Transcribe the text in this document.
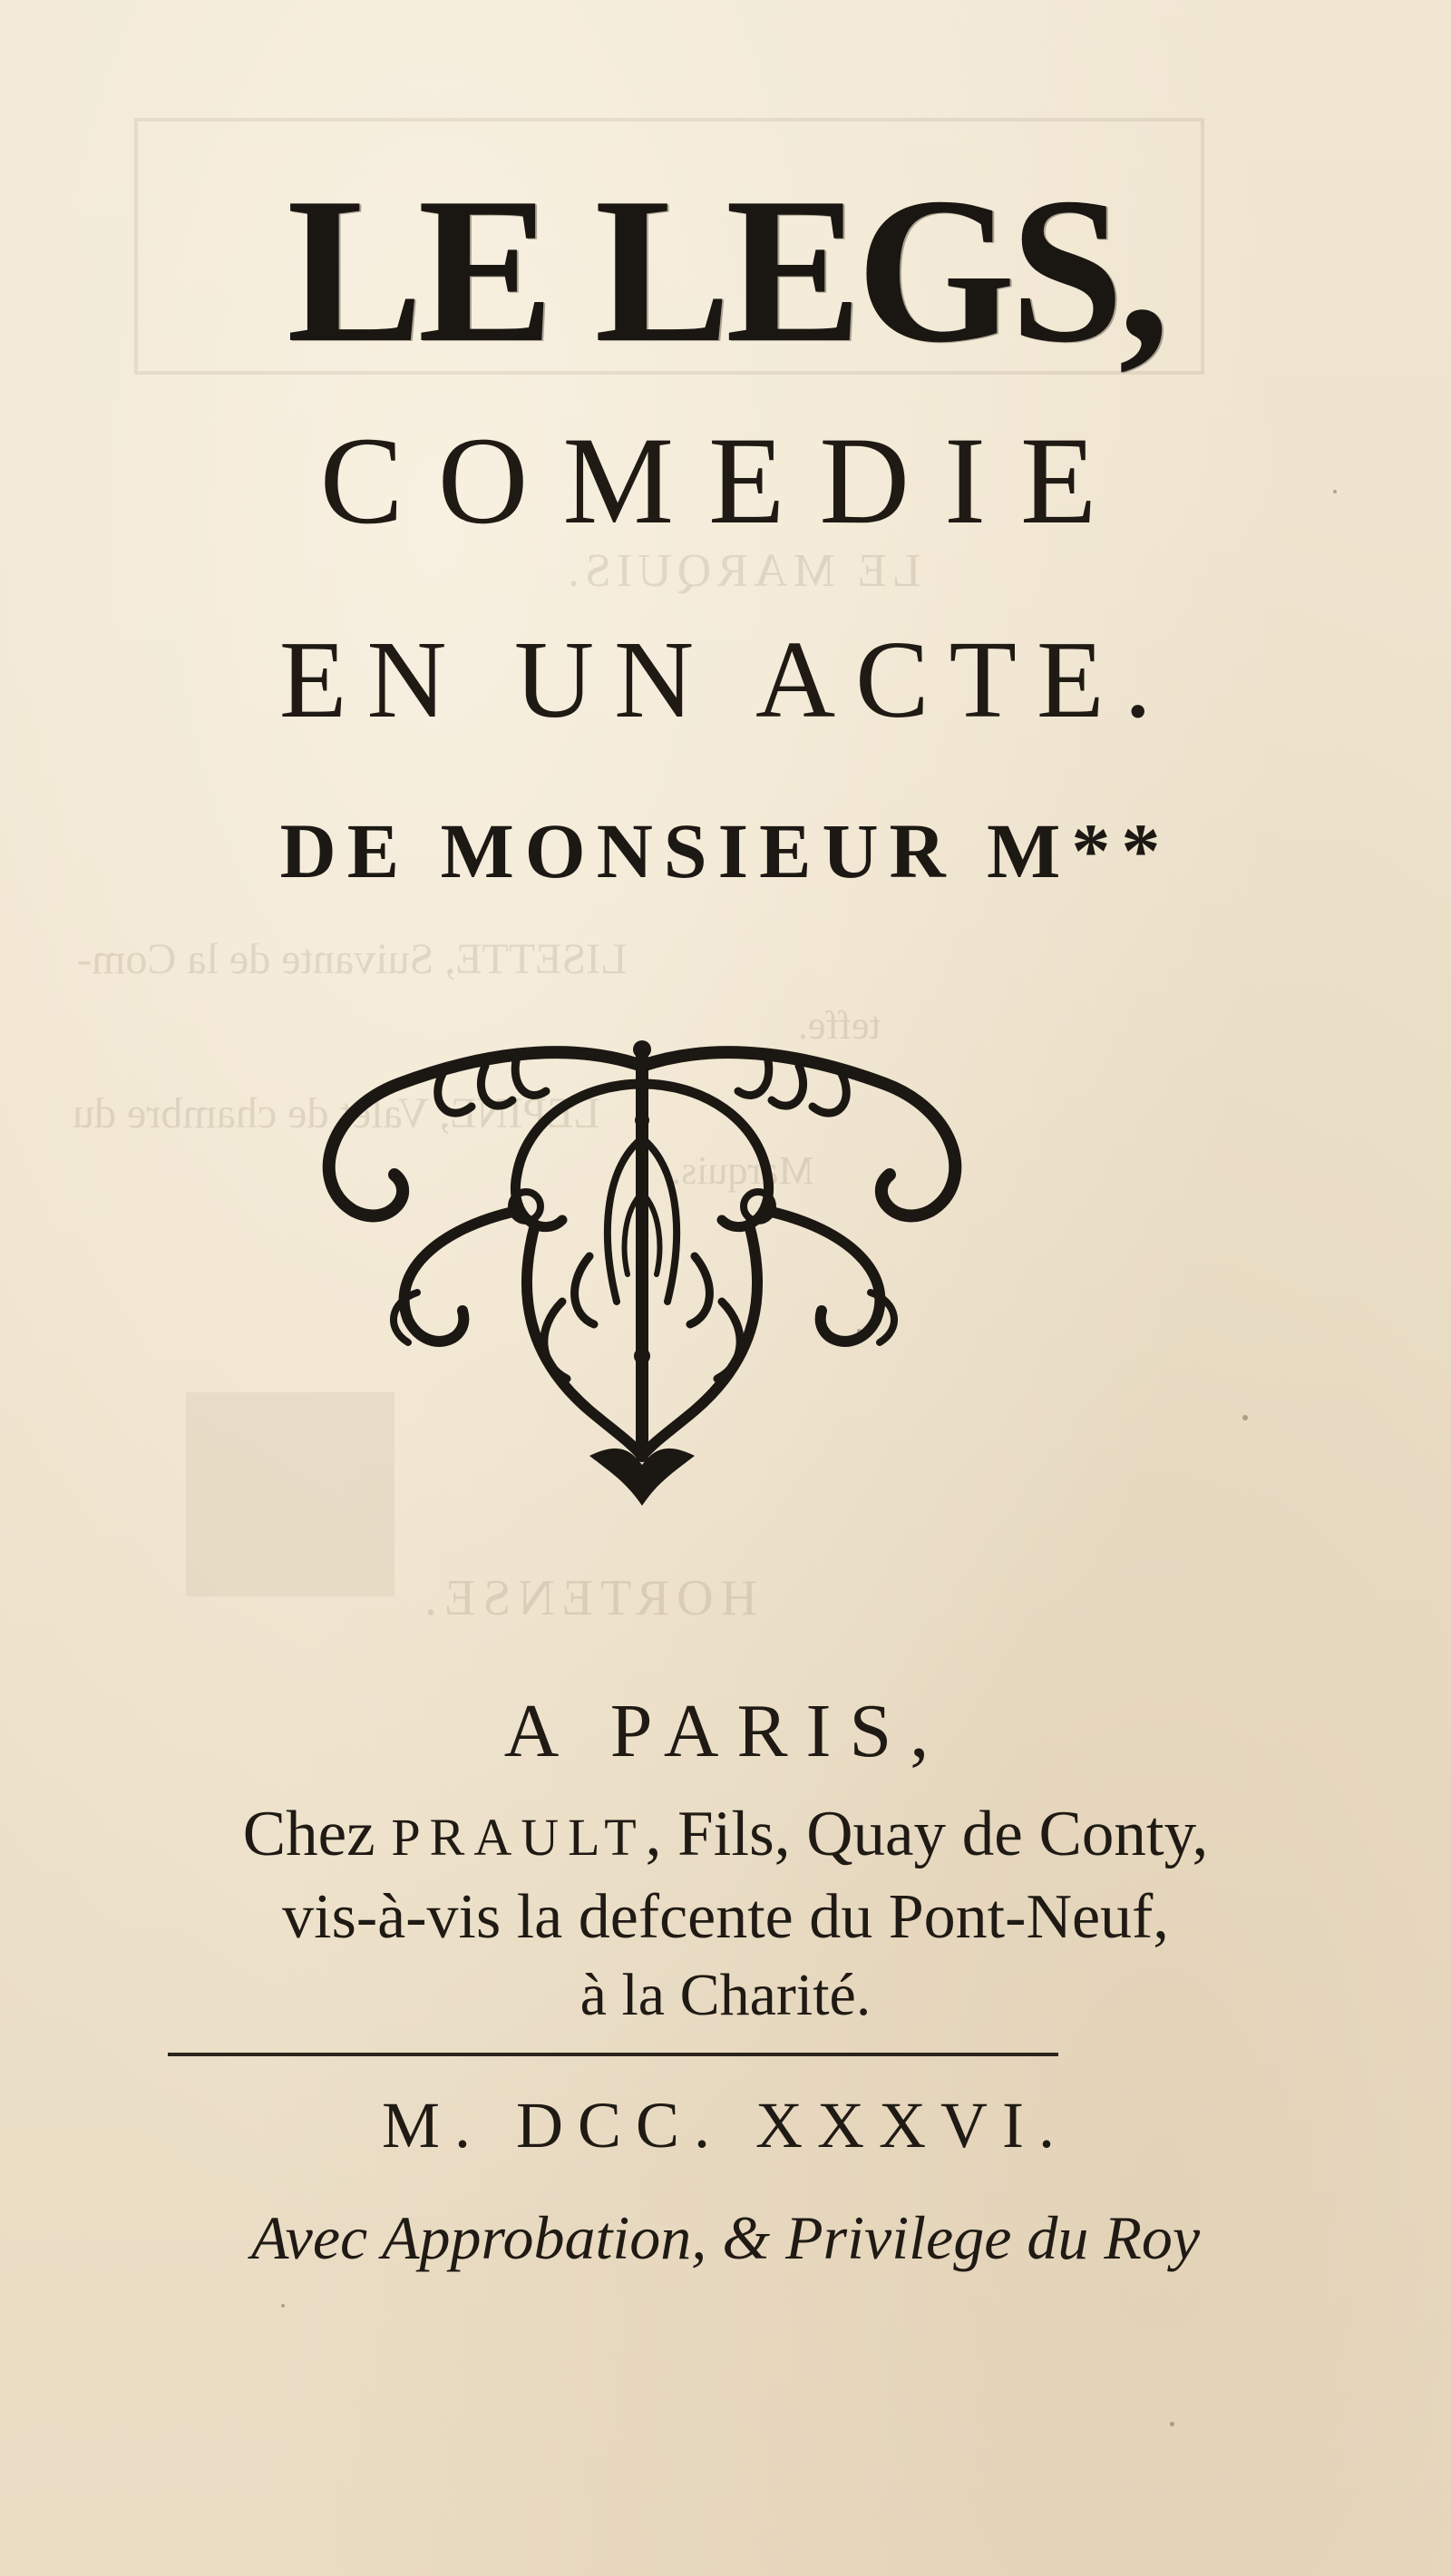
LE MARQUIS.
LISETTE, Suivante de la Com-
teffe.
LEPINE, Valet de chambre du
Marquis.
HORTENSE.
LE LEGS,
COMEDIE
EN UN ACTE.
DE MONSIEUR M**
A PARIS,
Chez PRAULT, Fils, Quay de Conty,
vis-à-vis la defcente du Pont-Neuf,
à la Charité.
M. DCC. XXXVI.
Avec Approbation, & Privilege du Roy
